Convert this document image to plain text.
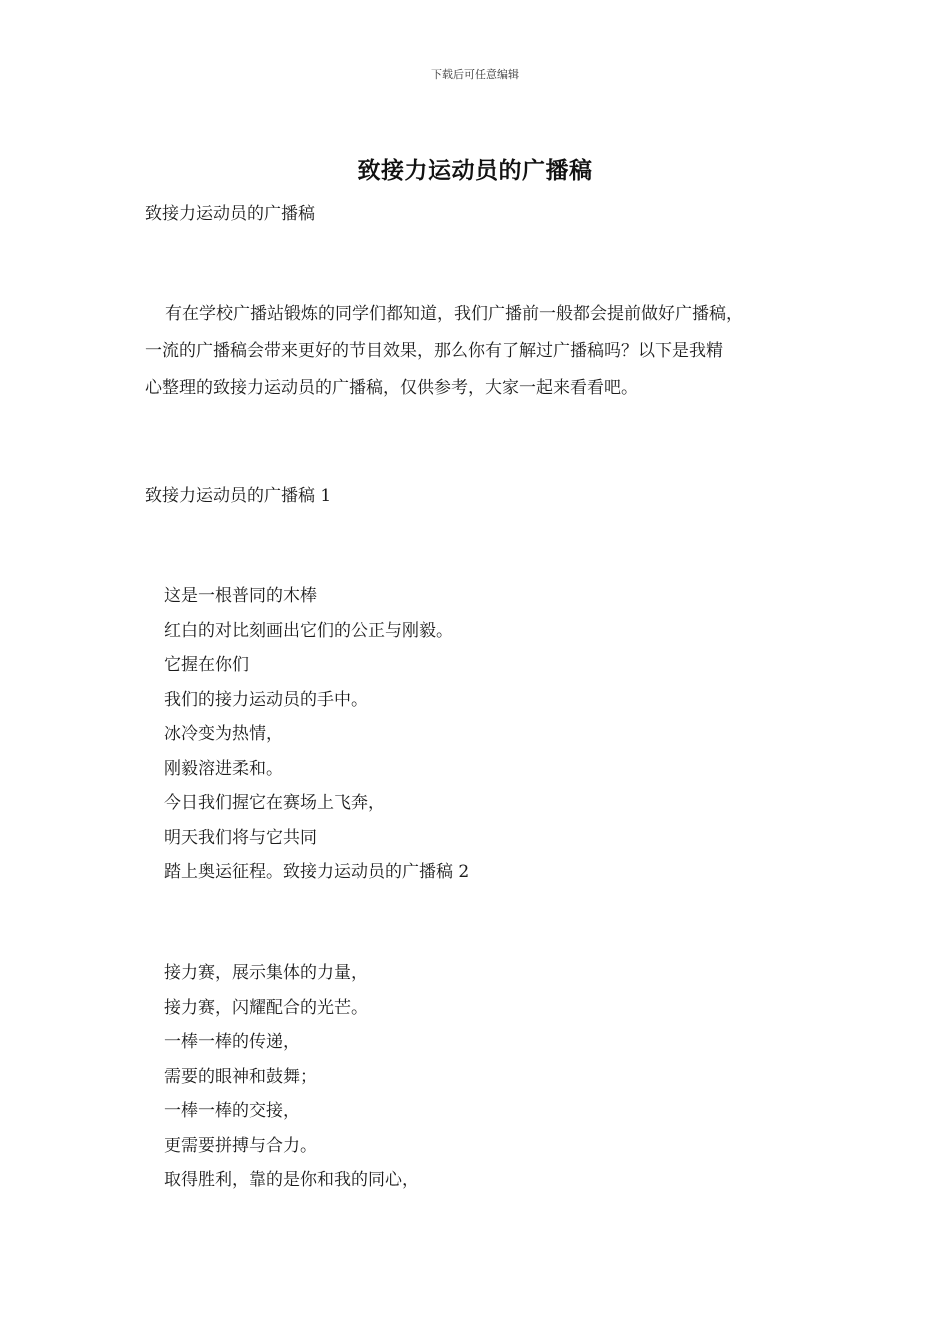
下载后可任意编辑
致接力运动员的广播稿
致接力运动员的广播稿
有在学校广播站锻炼的同学们都知道，我们广播前一般都会提前做好广播稿，
一流的广播稿会带来更好的节目效果，那么你有了解过广播稿吗？以下是我精
心整理的致接力运动员的广播稿，仅供参考，大家一起来看看吧。
致接力运动员的广播稿 1
这是一根普同的木棒
红白的对比刻画出它们的公正与刚毅。
它握在你们
我们的接力运动员的手中。
冰冷变为热情，
刚毅溶进柔和。
今日我们握它在赛场上飞奔，
明天我们将与它共同
踏上奥运征程。致接力运动员的广播稿 2
接力赛，展示集体的力量，
接力赛，闪耀配合的光芒。
一棒一棒的传递，
需要的眼神和鼓舞；
一棒一棒的交接，
更需要拼搏与合力。
取得胜利，靠的是你和我的同心，
